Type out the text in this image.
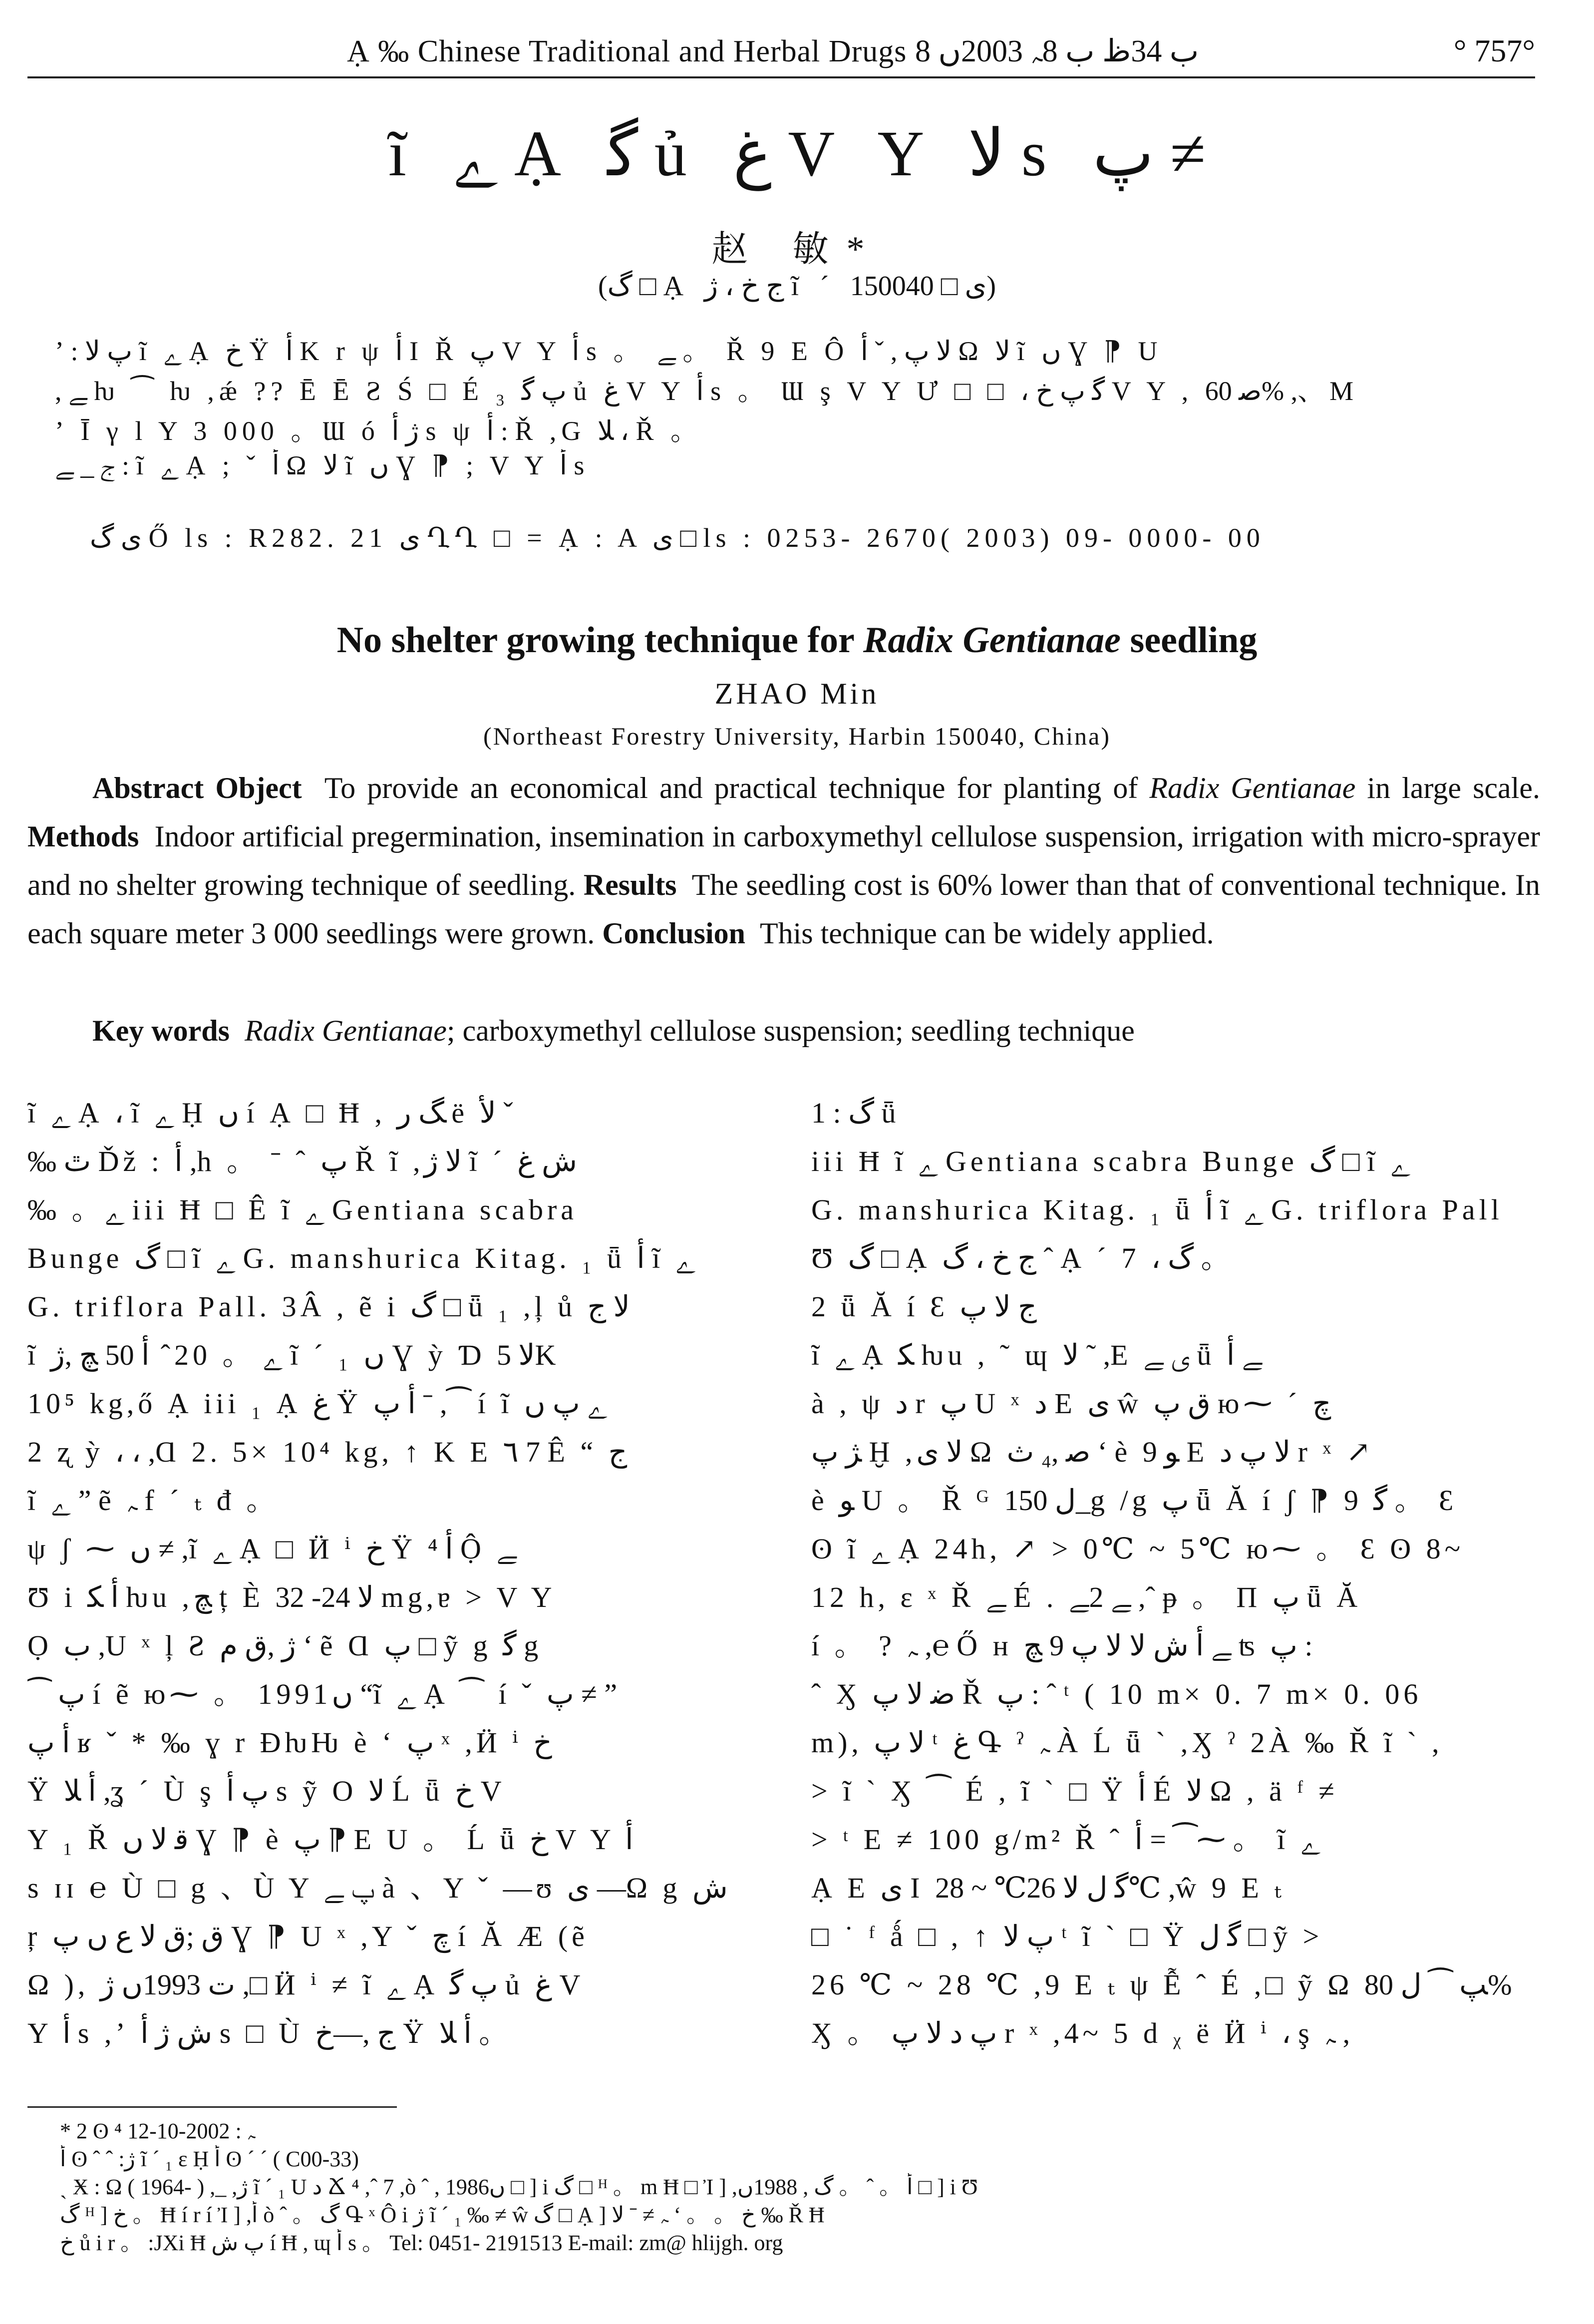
Ạ ‰ Chinese Traditional and Herbal Drugs ب 34ظ ب 8ﮧ 2003ں 8	° 757°
ĩ ﮮ Ạ ﮔ ủ ﻍ V Y ﻻ s ﭖ ≠
赵 敏*
(ﮒ □ Ạ ﺝ ﺥ ، ﮊ ĩ ´ ﻯ □ 150040)
ʼ : ﭖ ﻻ ĩ ﮮ Ạ ﺥ Ÿ ﺃ K r ψ ﺃ I Ř ﭖ V Y ﺃ s 。 ﮯ 。 Ř 9 E Ô ﻻ ﭖ , ˇ ﺃ Ω ﻻ ĩ ں Ɣ ⁋ U
, ﮯ ƕ ⁀ ƕ ,ǽ ?? Ē Ē Ƨ Ś □ É ₃ ﭖ ﮔ ủ ﻍ V Y ﺃ s 。 Ɯ ş V Y Ư □ □ ، ﮔ ﭖ ﺥ V Y , ﺻ 60% ,、M
ʼ Ī γ l Y 3 000 。Ɯ ó ﮊ ﺃ s ψ ﺃ : Ř ,G ﻼ ، Ř 。
ﺝ _ ﮯ : ĩ ﮮ Ạ ; ˇ ﺃ Ω ﻻ ĩ ں Ɣ ⁋ ; V Y ﺃ s
ﻯ ﮒ Ő ls : R282. 21 ﻯ ՂՂ □ = Ạ : A ﻯ □ ls : 0253- 2670( 2003) 09- 0000- 00
No shelter growing technique for Radix Gentianae seedling
ZHAO Min
(Northeast Forestry University, Harbin 150040, China)
Abstract Object To provide an economical and practical technique for planting of Radix Gentianae in large scale. Methods Indoor artificial pregermination, insemination in carboxymethyl cellulose suspension, irrigation with micro-sprayer and no shelter growing technique of seedling. Results The seedling cost is 60% lower than that of conventional technique. In each square meter 3 000 seedlings were grown. Conclusion This technique can be widely applied.
Key words Radix Gentianae; carboxymethyl cellulose suspension; seedling technique
ĩ ﮮ Ạ ، ĩ ﮮ Ḥ ں í Ạ □ Ħ , ﮓ ﺭ ë ﻷ ˇ
‰ ﭢ Ďž : ﺃ ,h 。 ˉ ˆ ﭖ Ř ĩ ,ﻻ ﮊ ĩ ´ ﺵ ﻍ
‰ 。ﮮ iii Ħ □ Ê ĩ ﮮ Gentiana scabra
Bunge ﮒ □ ĩ ﮮ G. manshurica Kitag. ₁ ǖ ﺃ ĩ ﮮ
G. triflora Pall. 3Â , ẽ i ﮒ □ ǖ ₁ ,ļ ů ﻻ ﺝ
ĩ ﮮ 。 20ˆ ﺃ 50 ﭻ ,ﮊ ĩ ´ ₁ ں Ɣ ỳ Ɗ ﻻ 5K
10⁵ kg,ő Ạ iii ₁ Ạ ﻍ Ÿ ﺃ ﭖ ˉ ,⁀ í ĩ ﮮ ﭖ ں
2 ʐ ỳ ، ، ,Ɑ 2. 5× 10⁴ kg, ↑ K E ٦ 7 Ê “ ﺝ
ĩ ﮮ ” ẽ ﮧ f ´ ₜ đ 。
ψ ʃ ⁓ ں ≠ ,ĩ ﮮ Ạ □ Ӥ ⁱ ﺥ Ÿ ﺃ ⁴ Ộ ﮯ
Ʊ i ﺃ ﮑ ƕu ,ﭻ ț È ﻻ 24- 32 mg,ɐ > V Y
Ọ ﺏ ,U ˣ ļ Ƨ ﮊ ,ﻕ ﻡ ‘ ẽ Ɑ ﭖ □ ỹ g ﮔ g
⁀ ﭖ í ẽ ю⁓ 。 1991ں “ĩ ﮮ Ạ ⁀ í ˇ ﭖ ≠ ”
ﺃ ﭖ ʁ ˇ * ‰ ɣ r ƉƕǶ è ‘ ﭖ ˣ ,Ӥ ⁱ ﺥ
Ÿ ﺃ ﻼ ,ʓ ´ Ù ş ﭖ ﺃ s ỹ O ﻻ Ĺ ǖ ﺥ V
Y ₁ Ř ﻗ ﻻ ں Ɣ ⁋ è ﭖ ⁋ E U 。 Ĺ ǖ ﺥ V Y ﺃ
s ɪɪ ℮ Ù □ g 、Ù Y ﭖ ﮯ à 、Y ˇ —ʊ ﻯ —Ω g ﺵ
ŗ ﻕ ;ﻕ ﻻ ع ں ﭖ Ɣ ⁋ U ˣ ,Y ˇ ﭺ í Ă Æ (ẽ
Ω ), ﺕ 1993ں ﮊ ,□ Ӥ ⁱ ≠ ĩ ﮮ Ạ ﭖ ﮔ ủ ﻍ V
Y ﺃ s ,ʼ ﺵ ﮊ ﺃ s □ Ù ﺝ ,—ﺥ Ÿ ﺃ ﻼ 。
1 : ﮒ ǖ
iii Ħ ĩ ﮮ Gentiana scabra Bunge ﮒ □ ĩ ﮮ
G. manshurica Kitag. ₁ ǖ ﺃ ĩ ﮮ G. triflora Pall
Ʊ ﮒ □ Ạ ﺝ ﺥ ، ﮒ ˆ Ạ ´ 7 ، ﮒ 。
2 ǖ Ă í Ɛ ﺝ ﻻ ﭖ
ĩ ﮮ Ạ ﮑ ƕu , ˜ ɰ ﻻ ˜ ,E ﻯ ﮯ ǖ ﮯ ﺃ
à , ψ ﺩ r ﭖ U ˣ ﺩ E ﻯ ŵ ﻕ ﭖ ю⁓ ´ ﭺ
ﮋ ﭖ Ḫ ,ﻻ ﻯ Ω ﺻ ,₄ ﺙ ‘ è ﻮ 9 E ﻻ ﭖ ﺩ r ˣ ↗
è ﻮ U 。 Ř ᴳ ﻝ 150_g /g ﭖ ǖ Ă í ʃ ⁋ 9 ﮔ 。 Ɛ
ʘ ĩ ﮮ Ạ 24h, ↗ > 0℃ ~ 5℃ ю⁓ 。 Ɛ ʘ 8~
12 h, ɛ ˣ Ř ﮯ É . ﮯ 2ﮯ ,ˆ ᵽ 。 Π ﭖ ǖ Ă
í 。 ? ﮧ ,℮ Ő ʜ ﮯ ﺃ ﺵ ﻻ ﻻ ﭖ 9 ﭻ ʦ ﭖ :
ˆ Ӽ ﺿ ﻻ ﭖ Ř ﭖ : ˆ ᵗ ( 10 m× 0. 7 m× 0. 06
m), ﻻ ﭖ ᵗ ﻍ Գ ˀ ﮧ À Ĺ ǖ ` ,Ӽ ˀ 2À ‰ Ř ĩ ` ,
> ĩ ` Ӽ ⁀ É , ĩ ` □ Ÿ ﺃ É ﻻ Ω , ä ᶠ ≠
> ᵗ E ≠ 100 g/m² Ř ˆ ﺃ = ⁀⁓ 。 ĩ ﮮ
Ạ E ﻯ I ﮔ ﻝ ﻻ 26℃ ~ 28℃ ,ŵ 9 E ₜ
□ ˙ ᶠ ǻ □ , ↑ ﭖ ﻻ ᵗ ĩ ` □ Ÿ ﮔ ﻝ □ ỹ >
26 ℃ ~ 28 ℃ ,9 E ₜ ψ Ễ ˆ É ,□ ỹ Ω ﭗ ⁀ ﻝ 80%
Ӽ 。 ﭖ ﺩ ﻻ ﭖ r ˣ ,4~ 5 d ᵪ ë Ӥ ⁱ ، ş ﮧ ,
* 2 ʘ ⁴ ﮧ : 2002-10-12
ﺃ ʘ ˆ ˆ :ﮊ ĩ ´ ₁ ɛ Ḥ ﺃ ʘ ´ ´ ( C00-33)
ˎ Ӿ : Ω ( 1964- ) ,_ ,ﮊ ĩ ´ ₁ U ﺩ Ճ ⁴ ,ˆ 7 ,ò ˆ , 1986ں □ ] i ﮒ □ ᴴ 。 m Ħ □ Ἰ ] ,ﺃ 。 ˆ 。 ﮒ , 1988ں □ ] i Ʊ
ﮒ ᴴ ] ﺥ 。 Ħ í r í Ἰ ] ,ﺃ ò ˆ 。 ﮒ Գ ˣ Ô i ﮊ ĩ ´ ₁ ‰ ≠ ŵ ﮒ □ Ạ ] ﺥ 。 。 ‘ ﮧ ≠ ˉ ﻻ ‰ Ř Ħ
ﺥ ů i r 。 :JXi Ħ ﭖ ﺵ í Ħ , ɰ ﺃ s 。 Tel: 0451- 2191513 E-mail: zm@ hlijgh. org
